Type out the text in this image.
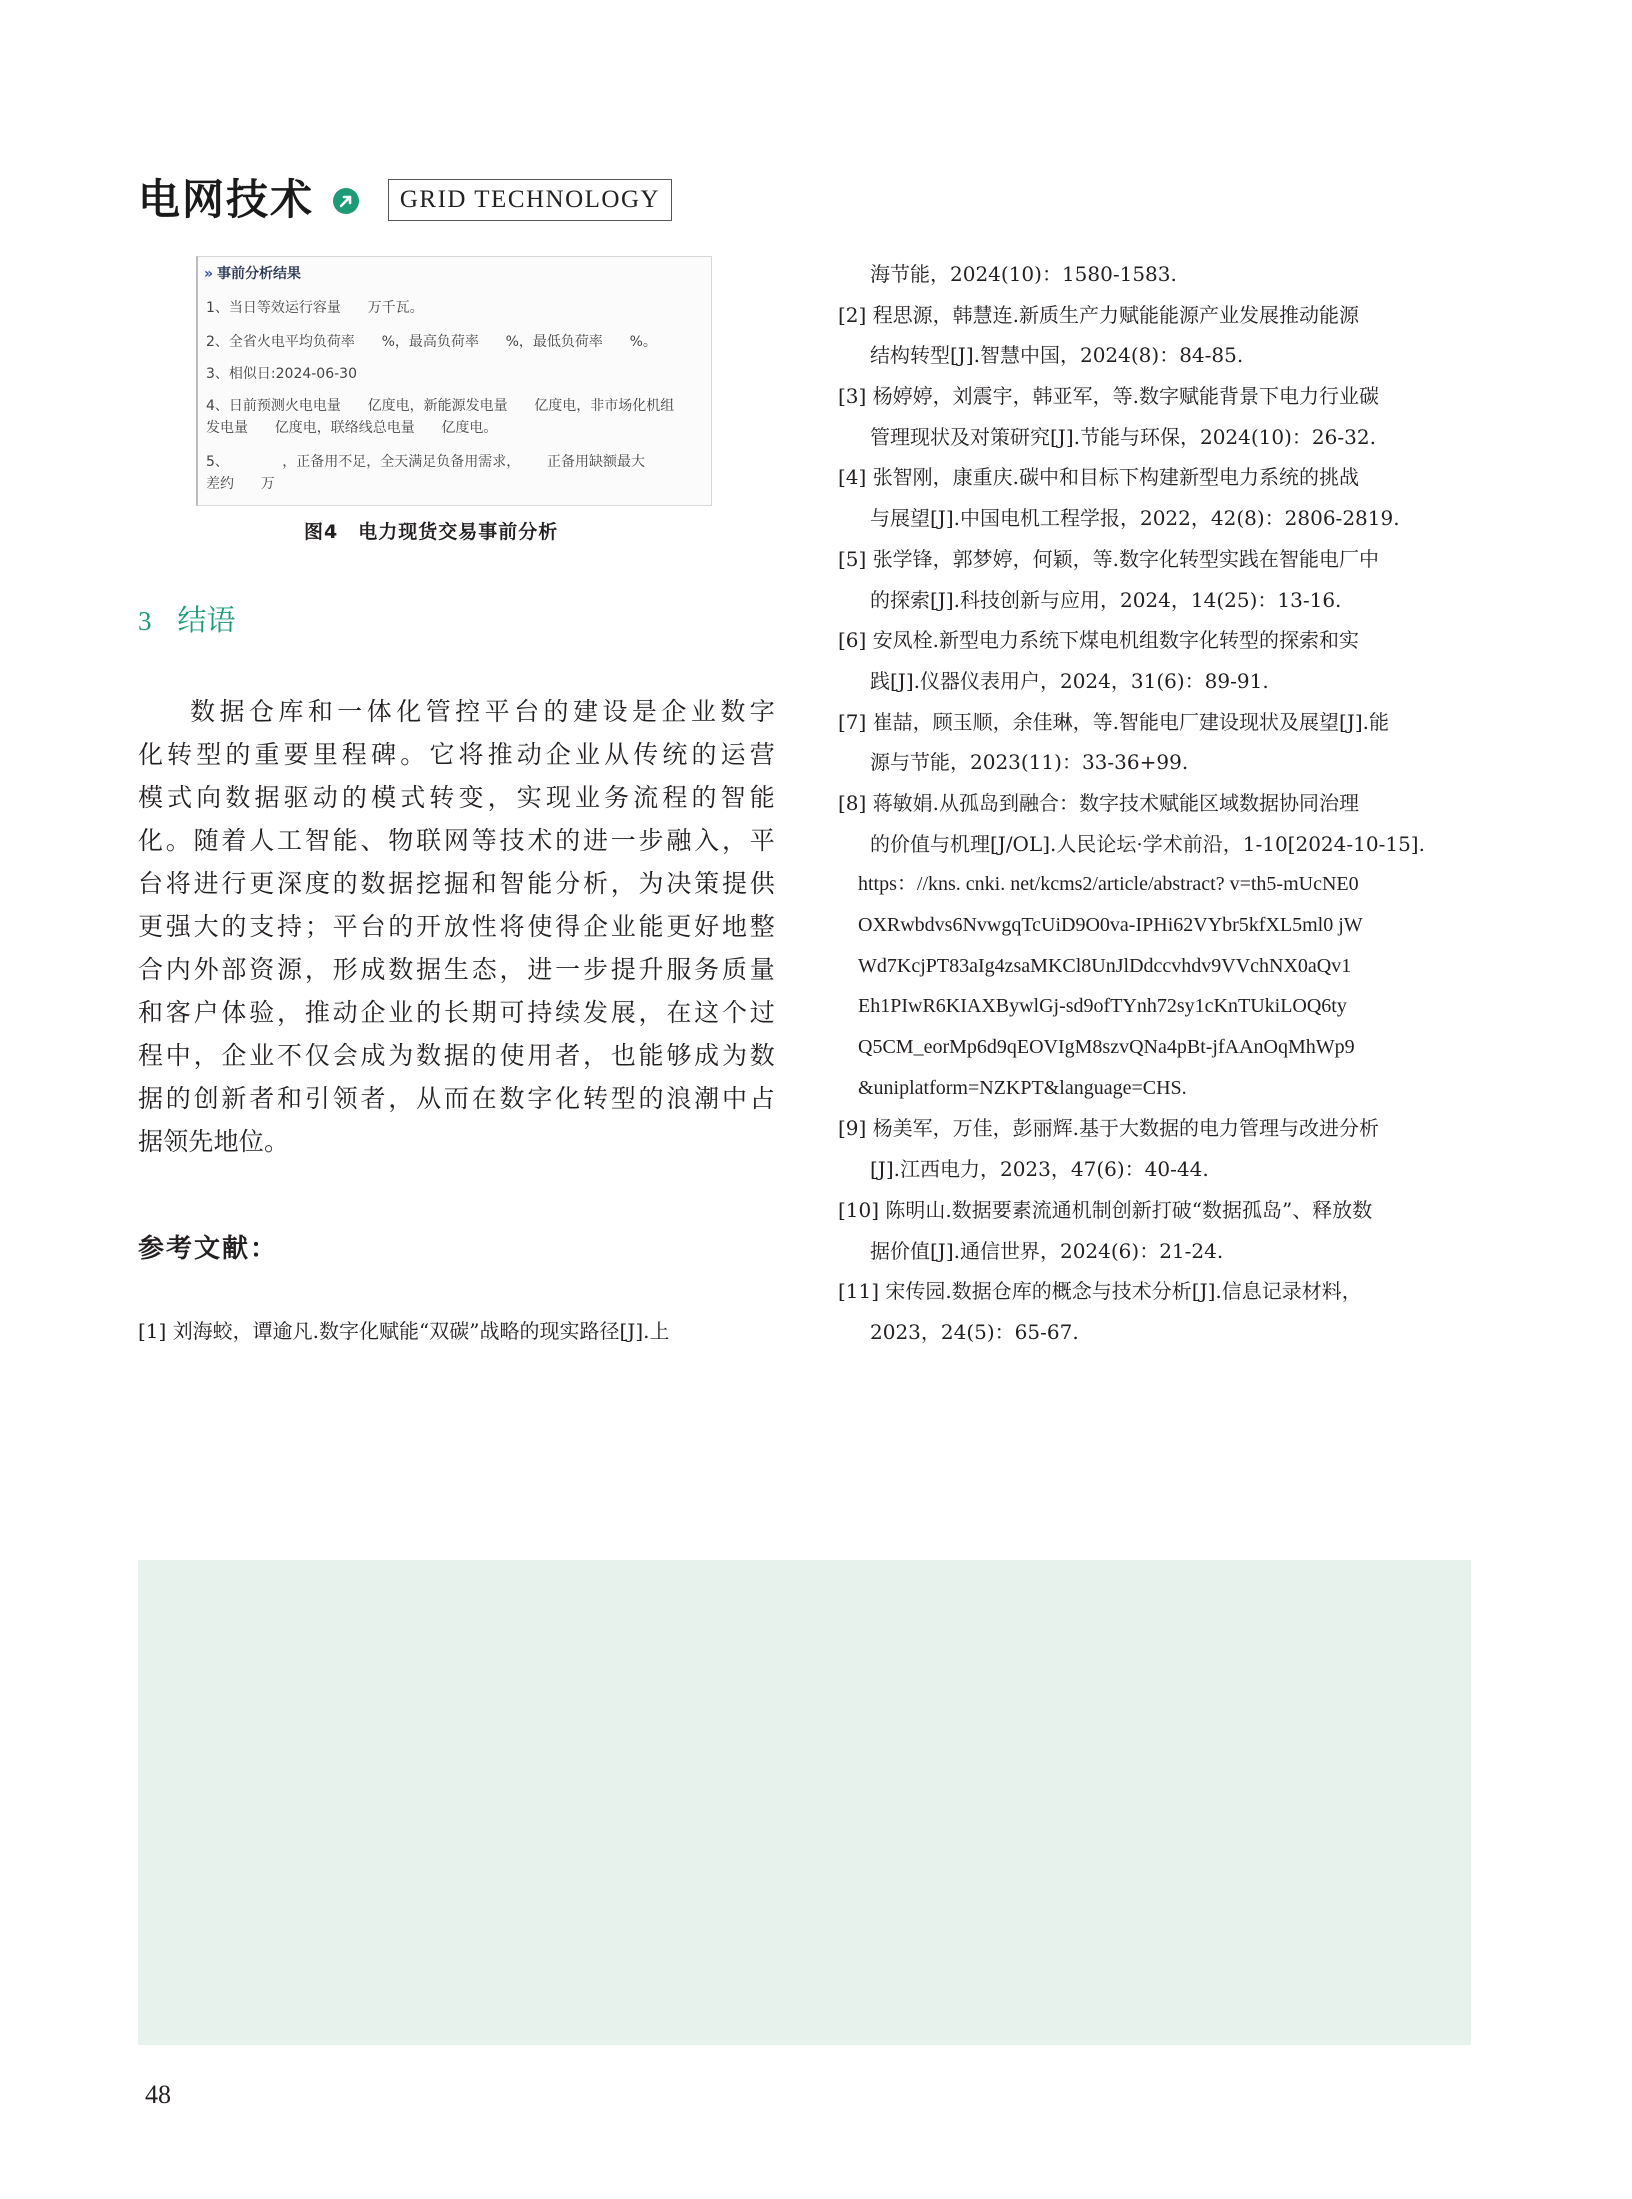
电网技术	GRID TECHNOLOGY
» 事前分析结果
1、当日等效运行容量      万千瓦。
2、全省火电平均负荷率      %，最高负荷率      %，最低负荷率      %。
3、相似日:2024-06-30
4、日前预测火电电量      亿度电，新能源发电量      亿度电，非市场化机组
发电量      亿度电，联络线总电量      亿度电。
5、            ，正备用不足，全天满足负备用需求，      正备用缺额最大
差约      万
图4　电力现货交易事前分析
3 结语
数据仓库和一体化管控平台的建设是企业数字
化转型的重要里程碑。它将推动企业从传统的运营
模式向数据驱动的模式转变，实现业务流程的智能
化。随着人工智能、物联网等技术的进一步融入，平
台将进行更深度的数据挖掘和智能分析，为决策提供
更强大的支持；平台的开放性将使得企业能更好地整
合内外部资源，形成数据生态，进一步提升服务质量
和客户体验，推动企业的长期可持续发展，在这个过
程中，企业不仅会成为数据的使用者，也能够成为数
据的创新者和引领者，从而在数字化转型的浪潮中占
据领先地位。
参考文献：
[1] 刘海蛟，谭逾凡.数字化赋能“双碳”战略的现实路径[J].上
海节能，2024(10)：1580-1583.
[2] 程思源，韩慧连.新质生产力赋能能源产业发展推动能源
结构转型[J].智慧中国，2024(8)：84-85.
[3] 杨婷婷，刘震宇，韩亚军，等.数字赋能背景下电力行业碳
管理现状及对策研究[J].节能与环保，2024(10)：26-32.
[4] 张智刚，康重庆.碳中和目标下构建新型电力系统的挑战
与展望[J].中国电机工程学报，2022，42(8)：2806-2819.
[5] 张学锋，郭梦婷，何颖，等.数字化转型实践在智能电厂中
的探索[J].科技创新与应用，2024，14(25)：13-16.
[6] 安凤栓.新型电力系统下煤电机组数字化转型的探索和实
践[J].仪器仪表用户，2024，31(6)：89-91.
[7] 崔喆，顾玉顺，余佳琳，等.智能电厂建设现状及展望[J].能
源与节能，2023(11)：33-36+99.
[8] 蒋敏娟.从孤岛到融合：数字技术赋能区域数据协同治理
的价值与机理[J/OL].人民论坛·学术前沿，1-10[2024-10-15].
https：//kns. cnki. net/kcms2/article/abstract? v=th5-mUcNE0
OXRwbdvs6NvwgqTcUiD9O0va-IPHi62VYbr5kfXL5ml0 jW
Wd7KcjPT83aIg4zsaMKCl8UnJlDdccvhdv9VVchNX0aQv1
Eh1PIwR6KIAXBywlGj-sd9ofTYnh72sy1cKnTUkiLOQ6ty
Q5CM_eorMp6d9qEOVIgM8szvQNa4pBt-jfAAnOqMhWp9
&uniplatform=NZKPT&language=CHS.
[9] 杨美军，万佳，彭丽辉.基于大数据的电力管理与改进分析
[J].江西电力，2023，47(6)：40-44.
[10] 陈明山.数据要素流通机制创新打破“数据孤岛”、释放数
据价值[J].通信世界，2024(6)：21-24.
[11] 宋传园.数据仓库的概念与技术分析[J].信息记录材料，
2023，24(5)：65-67.
48
